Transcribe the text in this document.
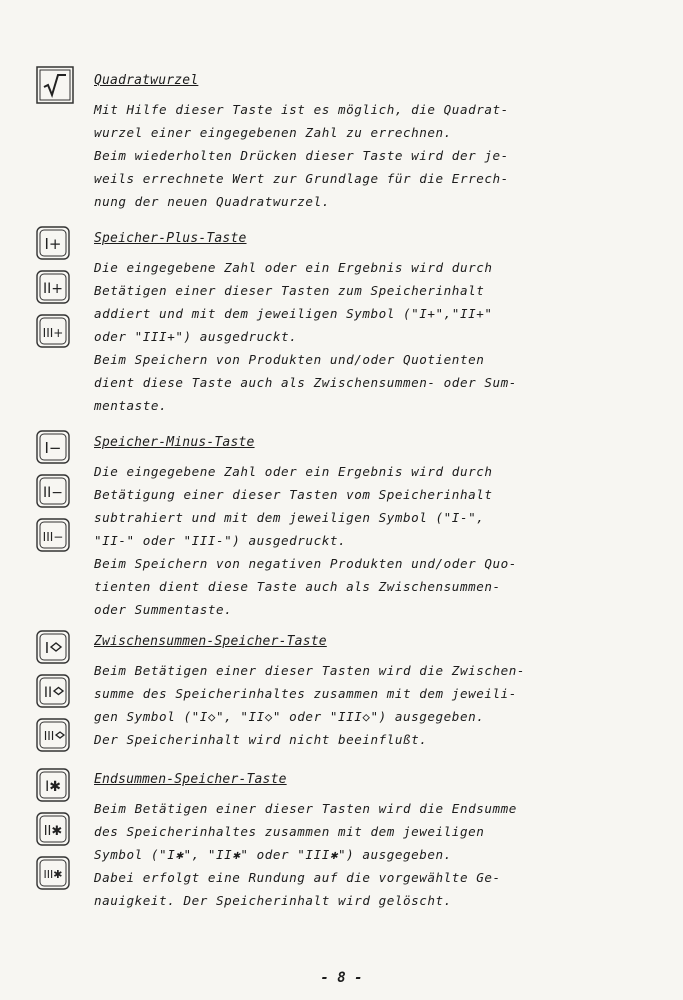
Quadratwurzel
Mit Hilfe dieser Taste ist es möglich, die Quadrat-
wurzel einer eingegebenen Zahl zu errechnen.
Beim wiederholten Drücken dieser Taste wird der je-
weils errechnete Wert zur Grundlage für die Errech-
nung der neuen Quadratwurzel.
I+
II+
III+
Speicher-Plus-Taste
Die eingegebene Zahl oder ein Ergebnis wird durch
Betätigen einer dieser Tasten zum Speicherinhalt
addiert und mit dem jeweiligen Symbol ("I+","II+"
oder "III+") ausgedruckt.
Beim Speichern von Produkten und/oder Quotienten
dient diese Taste auch als Zwischensummen- oder Sum-
mentaste.
I−
II−
III−
Speicher-Minus-Taste
Die eingegebene Zahl oder ein Ergebnis wird durch
Betätigung einer dieser Tasten vom Speicherinhalt
subtrahiert und mit dem jeweiligen Symbol ("I-",
"II-" oder "III-") ausgedruckt.
Beim Speichern von negativen Produkten und/oder Quo-
tienten dient diese Taste auch als Zwischensummen-
oder Summentaste.
I
II
III
Zwischensummen-Speicher-Taste
Beim Betätigen einer dieser Tasten wird die Zwischen-
summe des Speicherinhaltes zusammen mit dem jeweili-
gen Symbol ("I◇", "II◇" oder "III◇") ausgegeben.
Der Speicherinhalt wird nicht beeinflußt.
I✱
II✱
III✱
Endsummen-Speicher-Taste
Beim Betätigen einer dieser Tasten wird die Endsumme
des Speicherinhaltes zusammen mit dem jeweiligen
Symbol ("I✱", "II✱" oder "III✱") ausgegeben.
Dabei erfolgt eine Rundung auf die vorgewählte Ge-
nauigkeit. Der Speicherinhalt wird gelöscht.
- 8 -
